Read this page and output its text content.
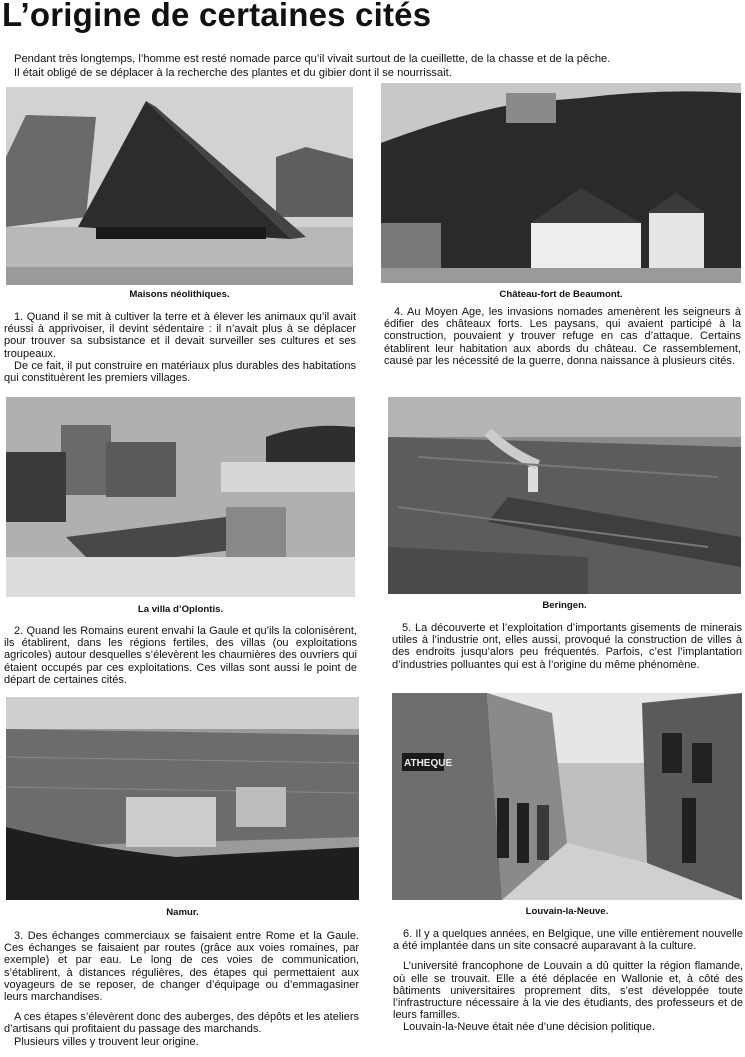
L’origine de certaines cités

Pendant très longtemps, l’homme est resté nomade parce qu’il vivait surtout de la cueillette, de la chasse et de la pêche.

Il était obligé de se déplacer à la recherche des plantes et du gibier dont il se nourrissait.

Maisons néolithiques.

1. Quand il se mit à cultiver la terre et à élever les animaux qu’il avait réussi à apprivoiser, il devint sédentaire : il n’avait plus à se déplacer pour trouver sa subsistance et il devait surveiller ses cultures et ses troupeaux.

De ce fait, il put construire en matériaux plus durables des habitations qui constituèrent les premiers villages.

Château-fort de Beaumont.

4. Au Moyen Age, les invasions nomades amenèrent les seigneurs à édifier des châteaux forts. Les paysans, qui avaient participé à la construction, pouvaient y trouver refuge en cas d’attaque. Certains établirent leur habitation aux abords du château. Ce rassemblement, causé par les nécessité de la guerre, donna naissance à plusieurs cités.

La villa d’Oplontis.

2. Quand les Romains eurent envahi la Gaule et qu’ils la colonisèrent, ils établirent, dans les régions fertiles, des villas (ou exploitations agricoles) autour desquelles s’élevèrent les chaumières des ouvriers qui étaient occupés par ces exploitations. Ces villas sont aussi le point de départ de certaines cités.

Beringen.

5. La découverte et l’exploitation d’importants gisements de minerais utiles à l’industrie ont, elles aussi, provoqué la construction de villes à des endroits jusqu’alors peu fréquentés. Parfois, c’est l’implantation d’industries polluantes qui est à l’origine du même phénomène.

Namur.

3. Des échanges commerciaux se faisaient entre Rome et la Gaule. Ces échanges se faisaient par routes (grâce aux voies romaines, par exemple) et par eau. Le long de ces voies de communication, s’établirent, à distances régulières, des étapes qui permettaient aux voyageurs de se reposer, de changer d’équipage ou d’emmagasiner leurs marchandises.

A ces étapes s’élevèrent donc des auberges, des dépôts et les ateliers d’artisans qui profitaient du passage des marchands.

Plusieurs villes y trouvent leur origine.

ATHEQUE
Louvain-la-Neuve.

6. Il y a quelques années, en Belgique, une ville entièrement nouvelle a été implantée dans un site consacré auparavant à la culture.

L’université francophone de Louvain a dû quitter la région flamande, où elle se trouvait. Elle a été déplacée en Wallonie et, à côté des bâtiments universitaires proprement dits, s’est développée toute l’infrastructure nécessaire à la vie des étudiants, des professeurs et de leurs familles.

Louvain-la-Neuve était née d’une décision politique.
